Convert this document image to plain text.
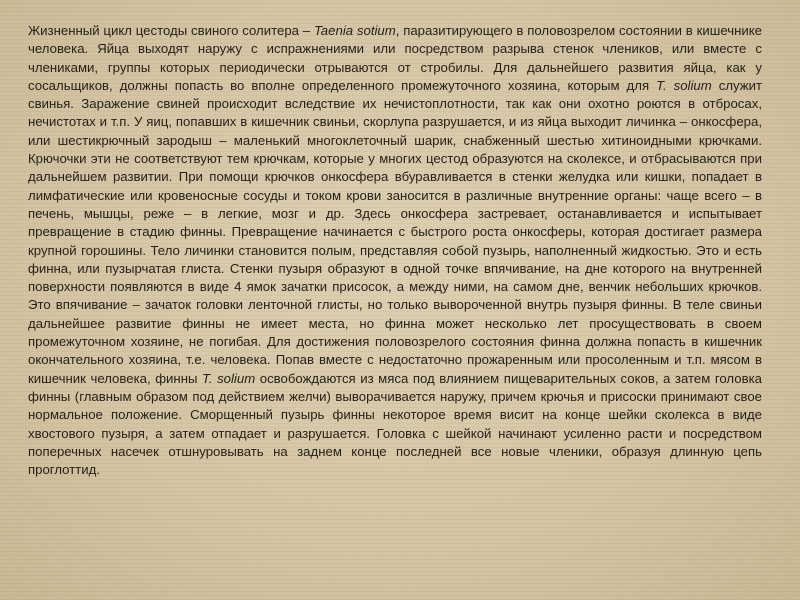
Жизненный цикл цестоды свиного солитера – Taenia sotium, паразитирующего в половозрелом состоянии в кишечнике человека. Яйца выходят наружу с испражнениями или посредством разрыва стенок члеников, или вместе с члениками, группы которых периодически отрываются от стробилы. Для дальнейшего развития яйца, как у сосальщиков, должны попасть во вполне определенного промежуточного хозяина, которым для T. solium служит свинья. Заражение свиней происходит вследствие их нечистоплотности, так как они охотно роются в отбросах, нечистотах и т.п. У яиц, попавших в кишечник свиньи, скорлупа разрушается, и из яйца выходит личинка – онкосфера, или шестикрючный зародыш – маленький многоклеточный шарик, снабженный шестью хитиноидными крючками. Крючочки эти не соответствуют тем крючкам, которые у многих цестод образуются на сколексе, и отбрасываются при дальнейшем развитии. При помощи крючков онкосфера вбуравливается в стенки желудка или кишки, попадает в лимфатические или кровеносные сосуды и током крови заносится в различные внутренние органы: чаще всего – в печень, мышцы, реже – в легкие, мозг и др. Здесь онкосфера застревает, останавливается и испытывает превращение в стадию финны. Превращение начинается с быстрого роста онкосферы, которая достигает размера крупной горошины. Тело личинки становится полым, представляя собой пузырь, наполненный жидкостью. Это и есть финна, или пузырчатая глиста. Стенки пузыря образуют в одной точке впячивание, на дне которого на внутренней поверхности появляются в виде 4 ямок зачатки присосок, а между ними, на самом дне, венчик небольших крючков. Это впячивание – зачаток головки ленточной глисты, но только вывороченной внутрь пузыря финны. В теле свиньи дальнейшее развитие финны не имеет места, но финна может несколько лет просуществовать в своем промежуточном хозяине, не погибая. Для достижения половозрелого состояния финна должна попасть в кишечник окончательного хозяина, т.е. человека. Попав вместе с недостаточно прожаренным или просоленным и т.п. мясом в кишечник человека, финны T. solium освобождаются из мяса под влиянием пищеварительных соков, а затем головка финны (главным образом под действием желчи) выворачивается наружу, причем крючья и присоски принимают свое нормальное положение. Сморщенный пузырь финны некоторое время висит на конце шейки сколекса в виде хвостового пузыря, а затем отпадает и разрушается. Головка с шейкой начинают усиленно расти и посредством поперечных насечек отшнуровывать на заднем конце последней все новые членики, образуя длинную цепь проглоттид.
